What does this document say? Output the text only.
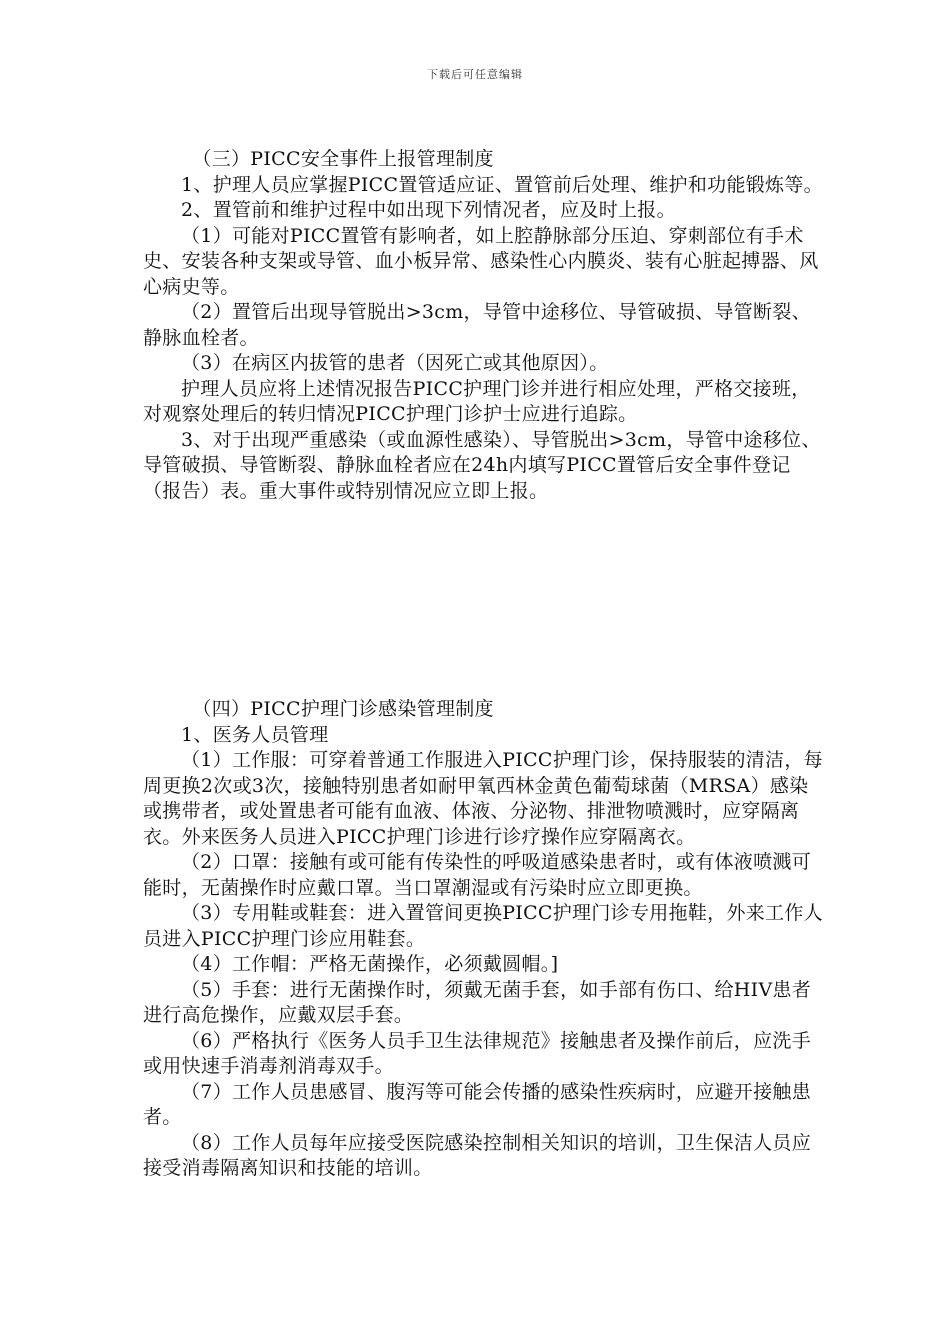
下载后可任意编辑

（三）PICC安全事件上报管理制度

1、护理人员应掌握PICC置管适应证、置管前后处理、维护和功能锻炼等。

2、置管前和维护过程中如出现下列情况者，应及时上报。

（1）可能对PICC置管有影响者，如上腔静脉部分压迫、穿刺部位有手术史、安装各种支架或导管、血小板异常、感染性心内膜炎、装有心脏起搏器、风心病史等。

（2）置管后出现导管脱出>3cm，导管中途移位、导管破损、导管断裂、静脉血栓者。

（3）在病区内拔管的患者（因死亡或其他原因）。

护理人员应将上述情况报告PICC护理门诊并进行相应处理，严格交接班，对观察处理后的转归情况PICC护理门诊护士应进行追踪。

3、对于出现严重感染（或血源性感染）、导管脱出>3cm，导管中途移位、导管破损、导管断裂、静脉血栓者应在24h内填写PICC置管后安全事件登记（报告）表。重大事件或特别情况应立即上报。

（四）PICC护理门诊感染管理制度

1、医务人员管理

（1）工作服：可穿着普通工作服进入PICC护理门诊，保持服装的清洁，每周更换2次或3次，接触特别患者如耐甲氧西林金黄色葡萄球菌（MRSA）感染或携带者，或处置患者可能有血液、体液、分泌物、排泄物喷溅时，应穿隔离衣。外来医务人员进入PICC护理门诊进行诊疗操作应穿隔离衣。

（2）口罩：接触有或可能有传染性的呼吸道感染患者时，或有体液喷溅可能时，无菌操作时应戴口罩。当口罩潮湿或有污染时应立即更换。

（3）专用鞋或鞋套：进入置管间更换PICC护理门诊专用拖鞋，外来工作人员进入PICC护理门诊应用鞋套。

（4）工作帽：严格无菌操作，必须戴圆帽。]

（5）手套：进行无菌操作时，须戴无菌手套，如手部有伤口、给HIV患者进行高危操作，应戴双层手套。

（6）严格执行《医务人员手卫生法律规范》接触患者及操作前后，应洗手或用快速手消毒剂消毒双手。

（7）工作人员患感冒、腹泻等可能会传播的感染性疾病时，应避开接触患者。

（8）工作人员每年应接受医院感染控制相关知识的培训，卫生保洁人员应接受消毒隔离知识和技能的培训。
